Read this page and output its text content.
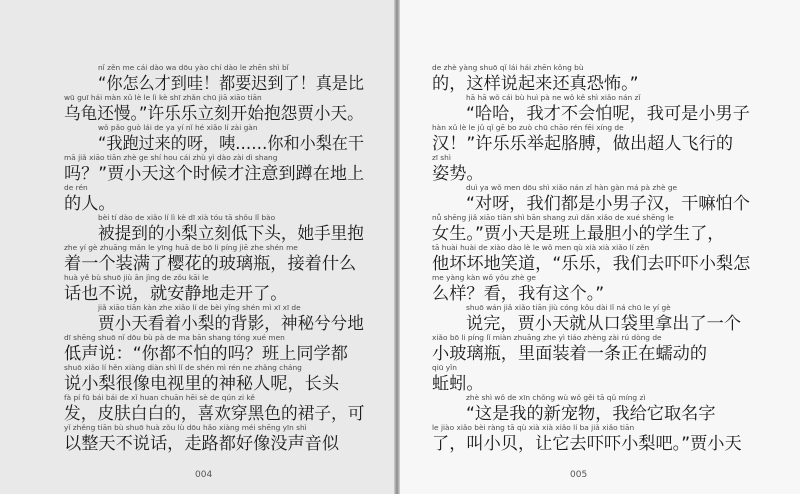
nǐ zěn me cái dào wa dōu yào chí dào le zhēn shì bǐ
“你怎么才到哇！都要迟到了！真是比
wū guī hái màn xǔ lè le lì kè shī zhǎn chū jiā xiāo tiān
乌龟还慢。”许乐乐立刻开始抱怨贾小天。
wǒ pǎo guò lái de ya yí nǐ hé xiǎo lí zài gàn
“我跑过来的呀，咦……你和小梨在干
mā jiǎ xiāo tiān zhè ge shí hou cái zhù yì dào zài dì shang
吗？”贾小天这个时候才注意到蹲在地上
de rén
的人。
bèi tí dào de xiǎo lí lì kè dī xià tóu tā shǒu lǐ bào
被提到的小梨立刻低下头，她手里抱
zhe yí gè zhuāng mǎn le yīng huā de bō li píng jiē zhe shén me
着一个装满了樱花的玻璃瓶，接着什么
huà yě bù shuō jiù ān jìng de zǒu kāi le
话也不说，就安静地走开了。
jiǎ xiāo tiān kàn zhe xiǎo lí de bèi yǐng shén mì xī xī de
贾小天看着小梨的背影，神秘兮兮地
dī shēng shuō nǐ dōu bù pà de ma bān shang tóng xué men
低声说：“你都不怕的吗？班上同学都
shuō xiǎo lí hěn xiàng diàn shì lǐ de shén mì rén ne zhǎng cháng
说小梨很像电视里的神秘人呢，长头
fà pí fū bái bái de xǐ huan chuān hēi sè de qún zi kě
发，皮肤白白的，喜欢穿黑色的裙子，可
yǐ zhěng tiān bù shuō huà zǒu lù dōu hǎo xiàng méi shēng yīn shì
以整天不说话，走路都好像没声音似
004
de zhè yàng shuō qǐ lái hái zhēn kǒng bù
的，这样说起来还真恐怖。”
hā hā wǒ cái bù huì pà ne wǒ kě shì xiǎo nán zǐ
“哈哈，我才不会怕呢，我可是小男子
hàn xǔ lè le jǔ qǐ gē bo zuò chū chāo rén fēi xíng de
汉！”许乐乐举起胳膊，做出超人飞行的
zī shì
姿势。
duì ya wǒ men dōu shì xiǎo nán zǐ hàn gàn má pà zhè ge
“对呀，我们都是小男子汉，干嘛怕个
nǚ shēng jiǎ xiāo tiān shì bān shang zuì dǎn xiǎo de xué shēng le
女生。”贾小天是班上最胆小的学生了，
tā huài huài de xiào dào lè le wǒ men qù xià xià xiǎo lí zěn
他坏坏地笑道，“乐乐，我们去吓吓小梨怎
me yàng kàn wǒ yǒu zhè ge
么样？看，我有这个。”
shuō wán jiǎ xiǎo tiān jiù cóng kǒu dài lǐ ná chū le yí gè
说完，贾小天就从口袋里拿出了一个
xiǎo bō li píng lǐ miàn zhuāng zhe yì tiáo zhèng zài rú dòng de
小玻璃瓶，里面装着一条正在蠕动的
qiū yǐn
蚯蚓。
zhè shì wǒ de xīn chǒng wù wǒ gěi tā qǔ míng zì
“这是我的新宠物，我给它取名字
le jiào xiǎo bèi ràng tā qù xià xià xiǎo lí ba jiǎ xiǎo tiān
了，叫小贝，让它去吓吓小梨吧。”贾小天
005
